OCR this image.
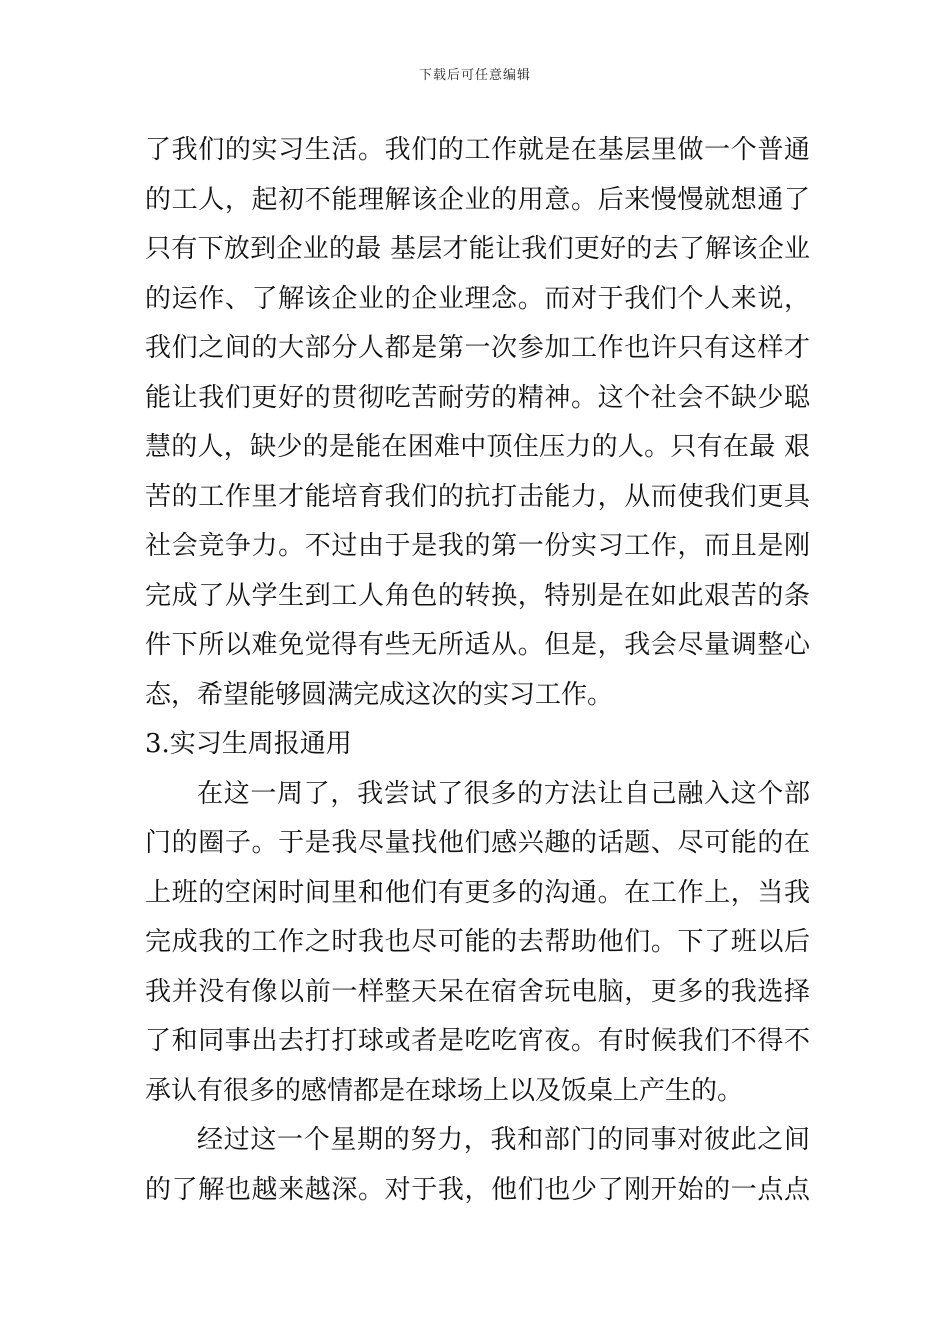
下载后可任意编辑
了我们的实习生活。我们的工作就是在基层里做一个普通
的工人，起初不能理解该企业的用意。后来慢慢就想通了
只有下放到企业的最 基层才能让我们更好的去了解该企业
的运作、了解该企业的企业理念。而对于我们个人来说，
我们之间的大部分人都是第一次参加工作也许只有这样才
能让我们更好的贯彻吃苦耐劳的精神。这个社会不缺少聪
慧的人，缺少的是能在困难中顶住压力的人。只有在最 艰
苦的工作里才能培育我们的抗打击能力，从而使我们更具
社会竞争力。不过由于是我的第一份实习工作，而且是刚
完成了从学生到工人角色的转换，特别是在如此艰苦的条
件下所以难免觉得有些无所适从。但是，我会尽量调整心
态，希望能够圆满完成这次的实习工作。
3.实习生周报通用
在这一周了，我尝试了很多的方法让自己融入这个部
门的圈子。于是我尽量找他们感兴趣的话题、尽可能的在
上班的空闲时间里和他们有更多的沟通。在工作上，当我
完成我的工作之时我也尽可能的去帮助他们。下了班以后
我并没有像以前一样整天呆在宿舍玩电脑，更多的我选择
了和同事出去打打球或者是吃吃宵夜。有时候我们不得不
承认有很多的感情都是在球场上以及饭桌上产生的。
经过这一个星期的努力，我和部门的同事对彼此之间
的了解也越来越深。对于我，他们也少了刚开始的一点点
